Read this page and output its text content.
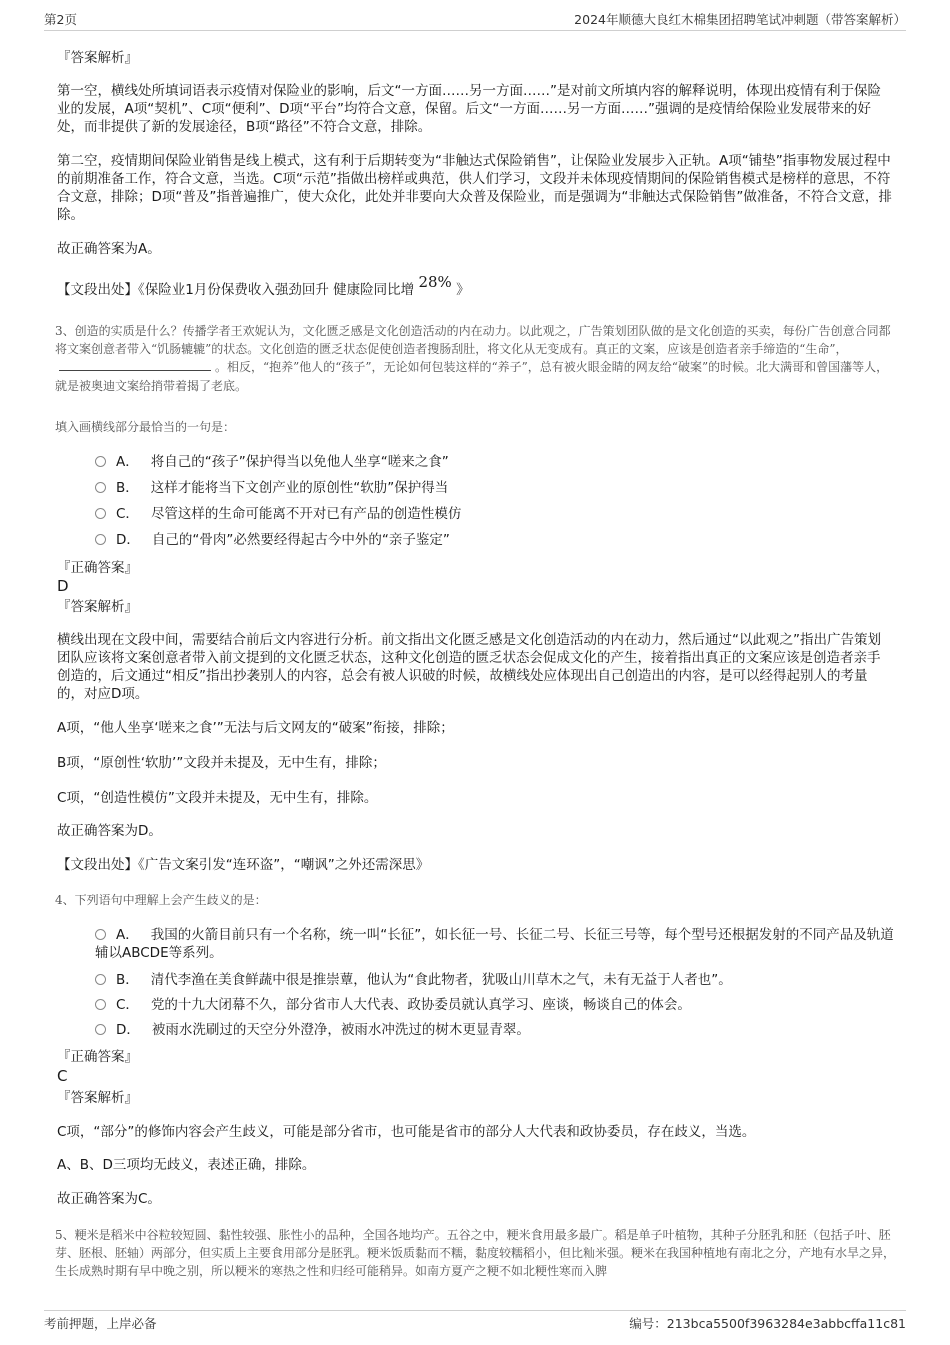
第2页	2024年顺德大良红木棉集团招聘笔试冲刺题（带答案解析）
『答案解析』

第一空，横线处所填词语表示疫情对保险业的影响，后文“一方面……另一方面……”是对前文所填内容的解释说明，体现出疫情有利于保险业的发展，A项“契机”、C项“便利”、D项“平台”均符合文意，保留。后文“一方面……另一方面……”强调的是疫情给保险业发展带来的好处，而非提供了新的发展途径，B项“路径”不符合文意，排除。

第二空，疫情期间保险业销售是线上模式，这有利于后期转变为“非触达式保险销售”，让保险业发展步入正轨。A项“铺垫”指事物发展过程中的前期准备工作，符合文意，当选。C项“示范”指做出榜样或典范，供人们学习，文段并未体现疫情期间的保险销售模式是榜样的意思，不符合文意，排除；D项“普及”指普遍推广，使大众化，此处并非要向大众普及保险业，而是强调为“非触达式保险销售”做准备，不符合文意，排除。

故正确答案为A。

【文段出处】《保险业1月份保费收入强劲回升 健康险同比增 28% 》

3、创造的实质是什么？传播学者王欢妮认为，文化匮乏感是文化创造活动的内在动力。以此观之，广告策划团队做的是文化创造的买卖，每份广告创意合同都将文案创意者带入“饥肠辘辘”的状态。文化创造的匮乏状态促使创造者搜肠刮肚，将文化从无变成有。真正的文案，应该是创造者亲手缔造的“生命”，。相反，“抱养”他人的“孩子”，无论如何包装这样的“养子”，总有被火眼金睛的网友给“破案”的时候。北大满哥和曾国藩等人，就是被奥迪文案给捎带着揭了老底。

填入画横线部分最恰当的一句是：

A． 将自己的“孩子”保护得当以免他人坐享“嗟来之食”
B． 这样才能将当下文创产业的原创性“软肋”保护得当
C． 尽管这样的生命可能离不开对已有产品的创造性模仿
D． 自己的“骨肉”必然要经得起古今中外的“亲子鉴定”
『正确答案』
D
『答案解析』

横线出现在文段中间，需要结合前后文内容进行分析。前文指出文化匮乏感是文化创造活动的内在动力，然后通过“以此观之”指出广告策划团队应该将文案创意者带入前文提到的文化匮乏状态，这种文化创造的匮乏状态会促成文化的产生，接着指出真正的文案应该是创造者亲手创造的，后文通过“相反”指出抄袭别人的内容，总会有被人识破的时候，故横线处应体现出自己创造出的内容，是可以经得起别人的考量的，对应D项。

A项，“他人坐享‘嗟来之食’”无法与后文网友的“破案”衔接，排除；

B项，“原创性‘软肋’”文段并未提及，无中生有，排除；

C项，“创造性模仿”文段并未提及，无中生有，排除。

故正确答案为D。

【文段出处】《广告文案引发“连环盗”，“嘲讽”之外还需深思》

4、下列语句中理解上会产生歧义的是：

A． 我国的火箭目前只有一个名称，统一叫“长征”，如长征一号、长征二号、长征三号等，每个型号还根据发射的不同产品及轨道辅以ABCDE等系列。
B． 清代李渔在美食鲜蔬中很是推崇蕈，他认为“食此物者，犹吸山川草木之气，未有无益于人者也”。
C． 党的十九大闭幕不久，部分省市人大代表、政协委员就认真学习、座谈，畅谈自己的体会。
D． 被雨水洗刷过的天空分外澄净，被雨水冲洗过的树木更显青翠。
『正确答案』
C
『答案解析』

C项，“部分”的修饰内容会产生歧义，可能是部分省市，也可能是省市的部分人大代表和政协委员，存在歧义，当选。

A、B、D三项均无歧义，表述正确，排除。

故正确答案为C。

5、粳米是稻米中谷粒较短圆、黏性较强、胀性小的品种，全国各地均产。五谷之中，粳米食用最多最广。稻是单子叶植物，其种子分胚乳和胚（包括子叶、胚芽、胚根、胚轴）两部分，但实质上主要食用部分是胚乳。粳米饭质黏而不糯，黏度较糯稻小，但比籼米强。粳米在我国种植地有南北之分，产地有水旱之异，生长成熟时期有早中晚之别，所以粳米的寒热之性和归经可能稍异。如南方夏产之粳不如北粳性寒而入脾

考前押题，上岸必备	编号：213bca5500f3963284e3abbcffa11c81
